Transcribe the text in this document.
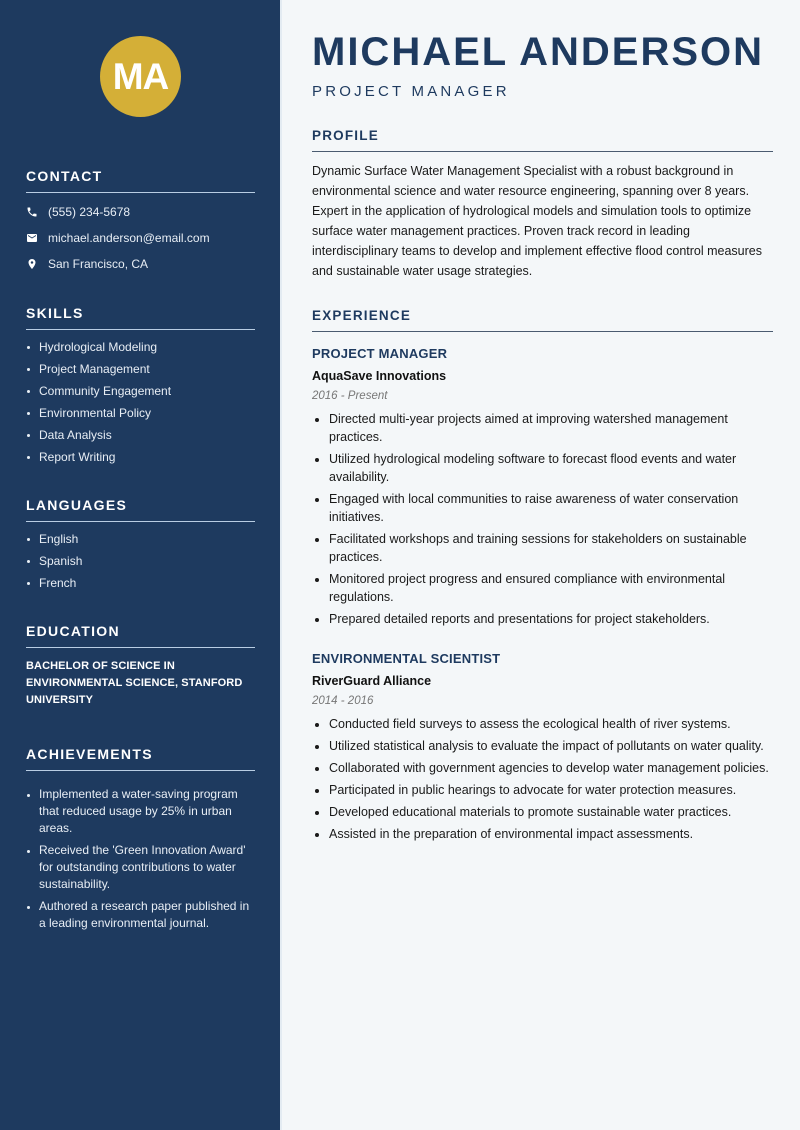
MA
CONTACT
(555) 234-5678
michael.anderson@email.com
San Francisco, CA
SKILLS
Hydrological Modeling
Project Management
Community Engagement
Environmental Policy
Data Analysis
Report Writing
LANGUAGES
English
Spanish
French
EDUCATION
BACHELOR OF SCIENCE IN ENVIRONMENTAL SCIENCE, STANFORD UNIVERSITY
ACHIEVEMENTS
Implemented a water-saving program that reduced usage by 25% in urban areas.
Received the 'Green Innovation Award' for outstanding contributions to water sustainability.
Authored a research paper published in a leading environmental journal.
MICHAEL ANDERSON
PROJECT MANAGER
PROFILE

Dynamic Surface Water Management Specialist with a robust background in environmental science and water resource engineering, spanning over 8 years. Expert in the application of hydrological models and simulation tools to optimize surface water management practices. Proven track record in leading interdisciplinary teams to develop and implement effective flood control measures and sustainable water usage strategies.

EXPERIENCE
PROJECT MANAGER
AquaSave Innovations
2016 - Present
Directed multi-year projects aimed at improving watershed management practices.
Utilized hydrological modeling software to forecast flood events and water availability.
Engaged with local communities to raise awareness of water conservation initiatives.
Facilitated workshops and training sessions for stakeholders on sustainable practices.
Monitored project progress and ensured compliance with environmental regulations.
Prepared detailed reports and presentations for project stakeholders.
ENVIRONMENTAL SCIENTIST
RiverGuard Alliance
2014 - 2016
Conducted field surveys to assess the ecological health of river systems.
Utilized statistical analysis to evaluate the impact of pollutants on water quality.
Collaborated with government agencies to develop water management policies.
Participated in public hearings to advocate for water protection measures.
Developed educational materials to promote sustainable water practices.
Assisted in the preparation of environmental impact assessments.
